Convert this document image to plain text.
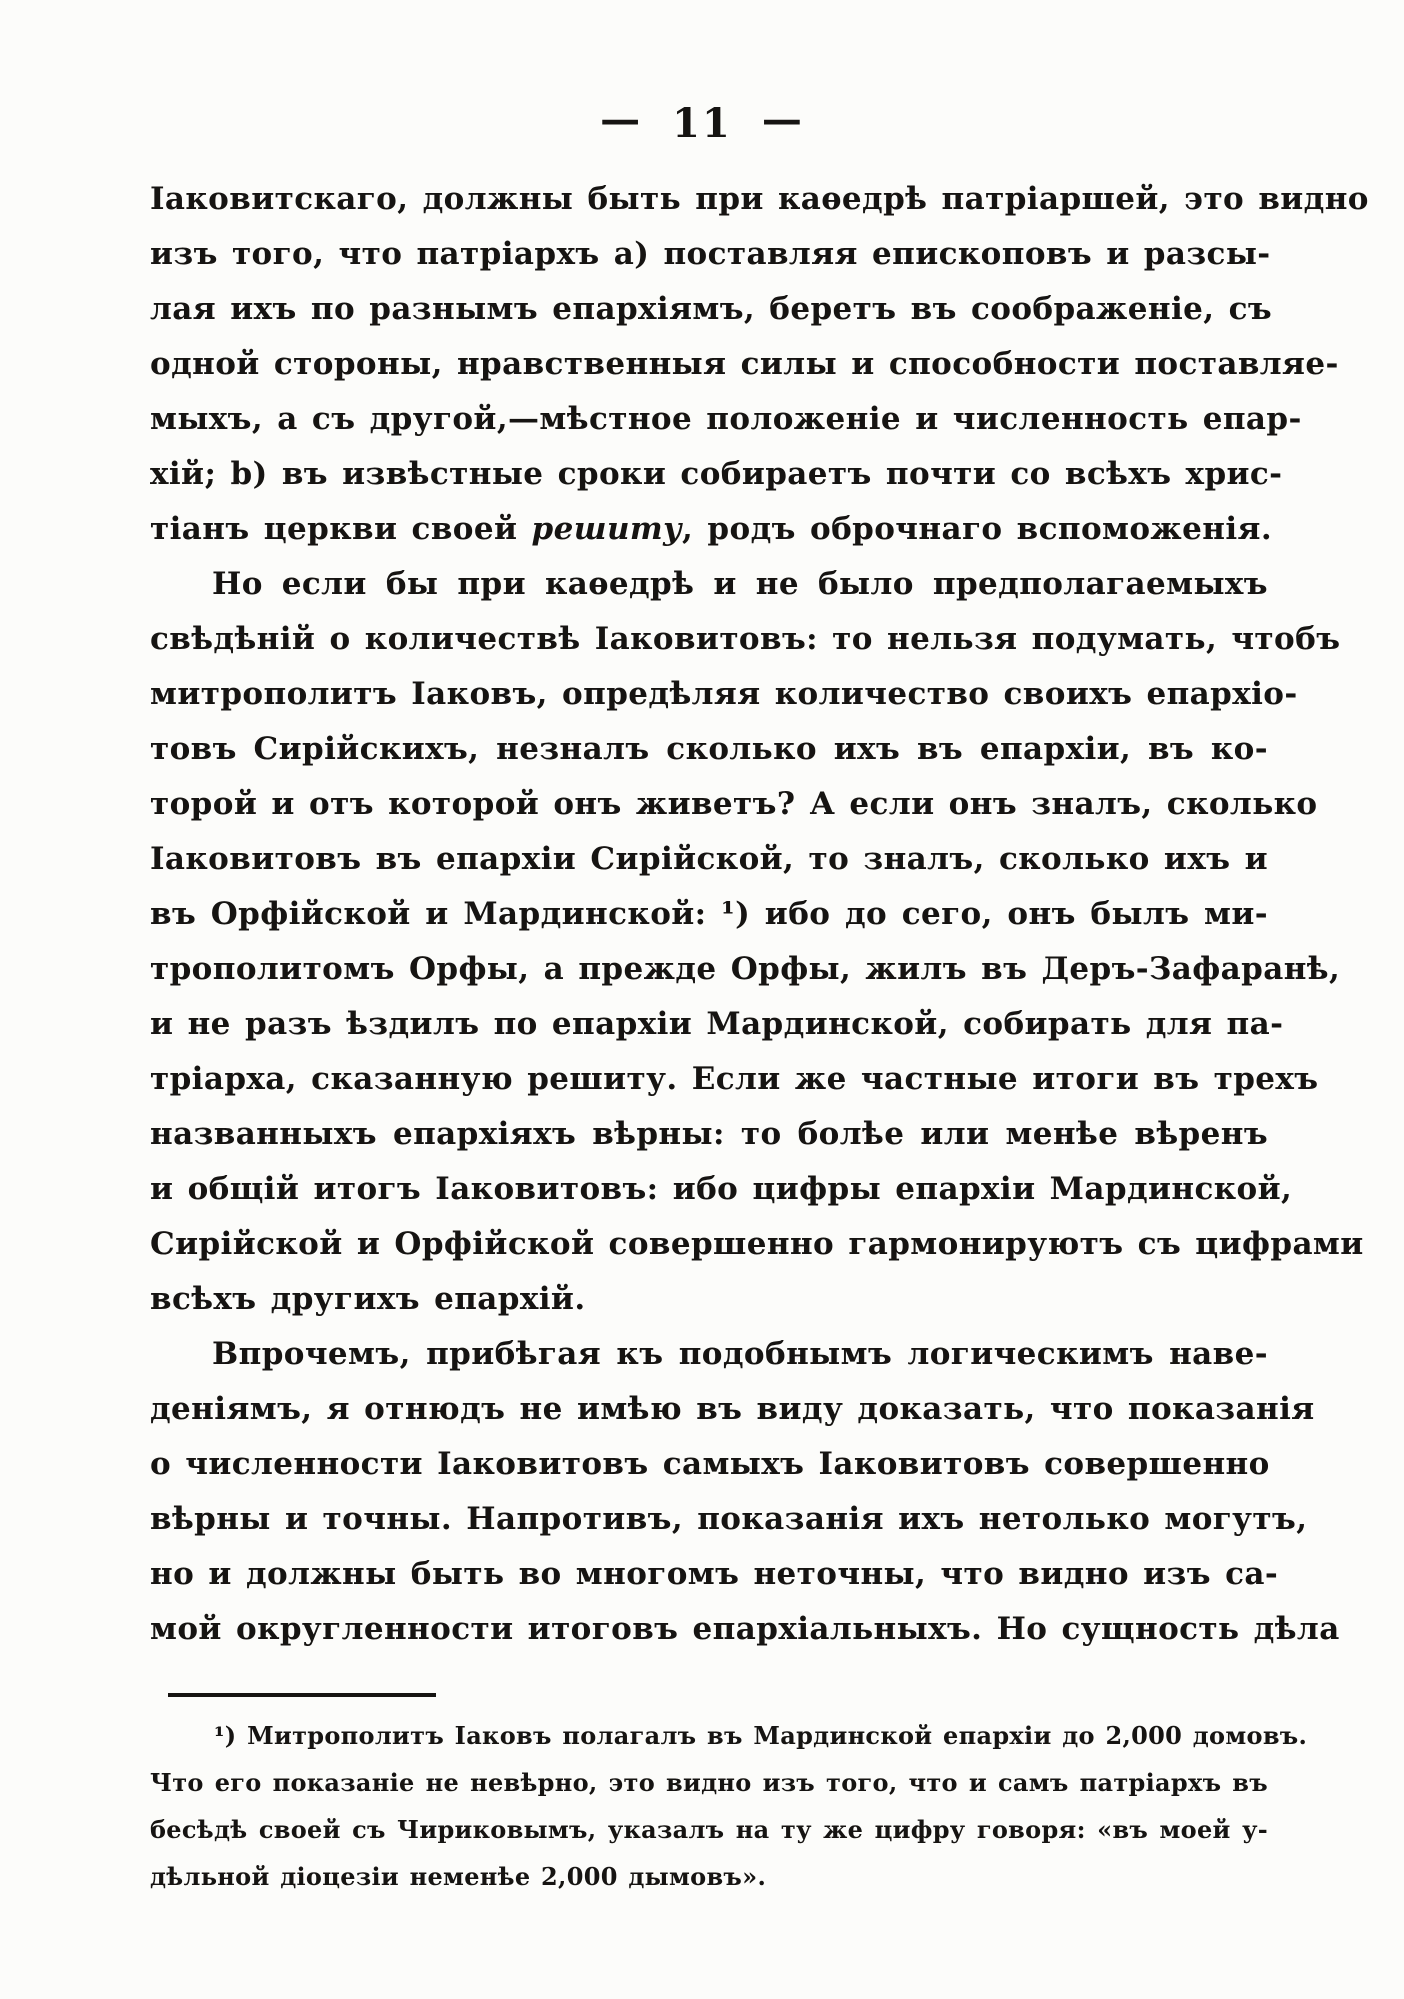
— 11 —
Іаковитскаго, должны быть при каѳедрѣ патріаршей, это видно
изъ того, что патріархъ а) поставляя епископовъ и разсы-
лая ихъ по разнымъ епархіямъ, беретъ въ соображеніе, съ
одной стороны, нравственныя силы и способности поставляе-
мыхъ, а съ другой,—мѣстное положеніе и численность епар-
хій; b) въ извѣстные сроки собираетъ почти со всѣхъ хрис-
тіанъ церкви своей решиту, родъ оброчнаго вспоможенія.
Но если бы при каѳедрѣ и не было предполагаемыхъ
свѣдѣній о количествѣ Іаковитовъ: то нельзя подумать, чтобъ
митрополитъ Іаковъ, опредѣляя количество своихъ епархіо-
товъ Сирійскихъ, незналъ сколько ихъ въ епархіи, въ ко-
торой и отъ которой онъ живетъ? А если онъ зналъ, сколько
Іаковитовъ въ епархіи Сирійской, то зналъ, сколько ихъ и
въ Орфійской и Мардинской: ¹) ибо до сего, онъ былъ ми-
трополитомъ Орфы, а прежде Орфы, жилъ въ Деръ-Зафаранѣ,
и не разъ ѣздилъ по епархіи Мардинской, собирать для па-
тріарха, сказанную решиту. Если же частные итоги въ трехъ
названныхъ епархіяхъ вѣрны: то болѣе или менѣе вѣренъ
и общій итогъ Іаковитовъ: ибо цифры епархіи Мардинской,
Сирійской и Орфійской совершенно гармонируютъ съ цифрами
всѣхъ другихъ епархій.
Впрочемъ, прибѣгая къ подобнымъ логическимъ наве-
деніямъ, я отнюдъ не имѣю въ виду доказать, что показанія
о численности Іаковитовъ самыхъ Іаковитовъ совершенно
вѣрны и точны. Напротивъ, показанія ихъ нетолько могутъ,
но и должны быть во многомъ неточны, что видно изъ са-
мой округленности итоговъ епархіальныхъ. Но сущность дѣла
¹) Митрополитъ Іаковъ полагалъ въ Мардинской епархіи до 2,000 домовъ.
Что его показаніе не невѣрно, это видно изъ того, что и самъ патріархъ въ
бесѣдѣ своей съ Чириковымъ, указалъ на ту же цифру говоря: «въ моей у-
дѣльной діоцезіи неменѣе 2,000 дымовъ».
